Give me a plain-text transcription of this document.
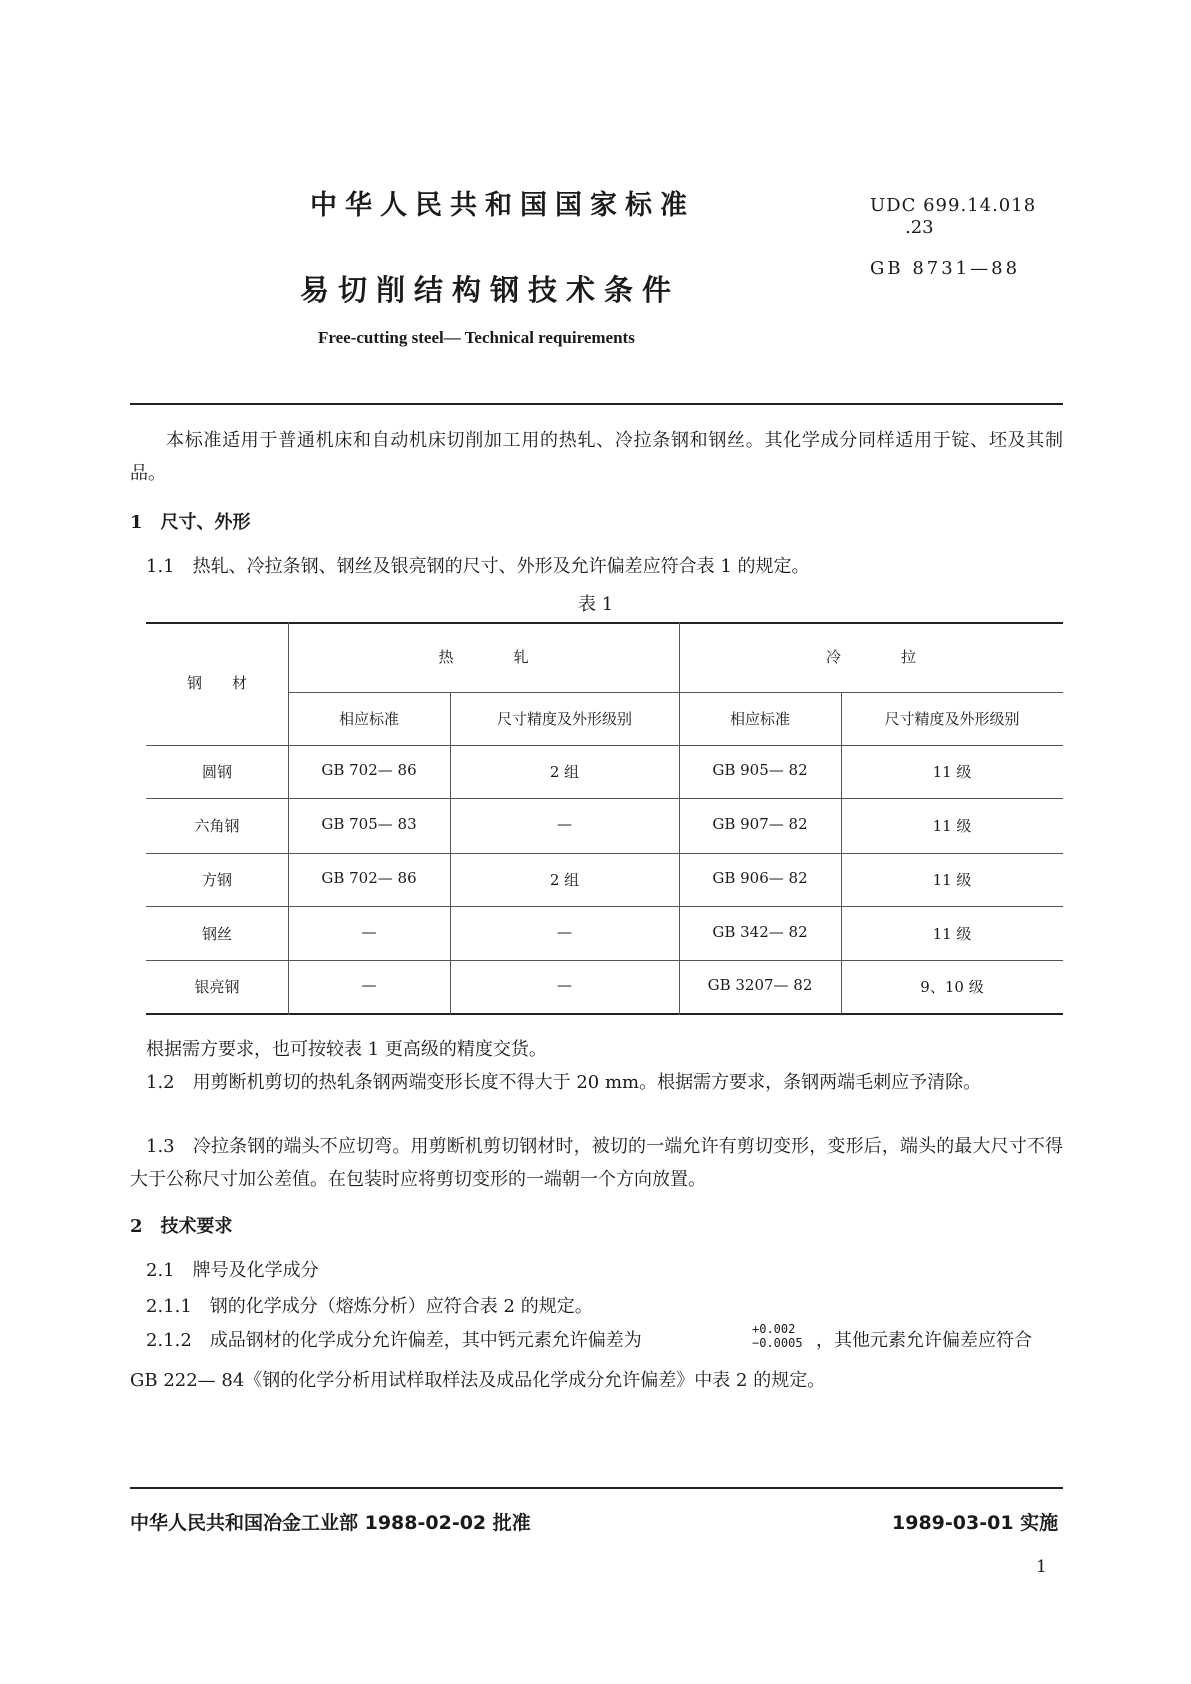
中华人民共和国国家标准	UDC 699.14.018
.23
GB 8731—88
易切削结构钢技术条件
Free-cutting steel— Technical requirements
本标准适用于普通机床和自动机床切削加工用的热轧、冷拉条钢和钢丝。其化学成分同样适用于锭、坯及其制品。
1　尺寸、外形
1.1　热轧、冷拉条钢、钢丝及银亮钢的尺寸、外形及允许偏差应符合表 1 的规定。
表 1
钢　　材
热　　　　轧	冷　　　　拉
相应标准	尺寸精度及外形级别	相应标准	尺寸精度及外形级别
圆钢	GB 702— 86	2 组	GB 905— 82	11 级
六角钢	GB 705— 83	—	GB 907— 82	11 级
方钢	GB 702— 86	2 组	GB 906— 82	11 级
钢丝	—	—	GB 342— 82	11 级
银亮钢	—	—	GB 3207— 82	9、10 级
根据需方要求，也可按较表 1 更高级的精度交货。
1.2　用剪断机剪切的热轧条钢两端变形长度不得大于 20 mm。根据需方要求，条钢两端毛刺应予清除。
1.3　冷拉条钢的端头不应切弯。用剪断机剪切钢材时，被切的一端允许有剪切变形，变形后，端头的最大尺寸不得大于公称尺寸加公差值。在包装时应将剪切变形的一端朝一个方向放置。
2　技术要求
2.1　牌号及化学成分
2.1.1　钢的化学成分（熔炼分析）应符合表 2 的规定。
2.1.2　成品钢材的化学成分允许偏差，其中钙元素允许偏差为
+0.002
−0.0005 ，其他元素允许偏差应符合
GB 222— 84《钢的化学分析用试样取样法及成品化学成分允许偏差》中表 2 的规定。
中华人民共和国冶金工业部 1988-02-02 批准	1989-03-01 实施
1
